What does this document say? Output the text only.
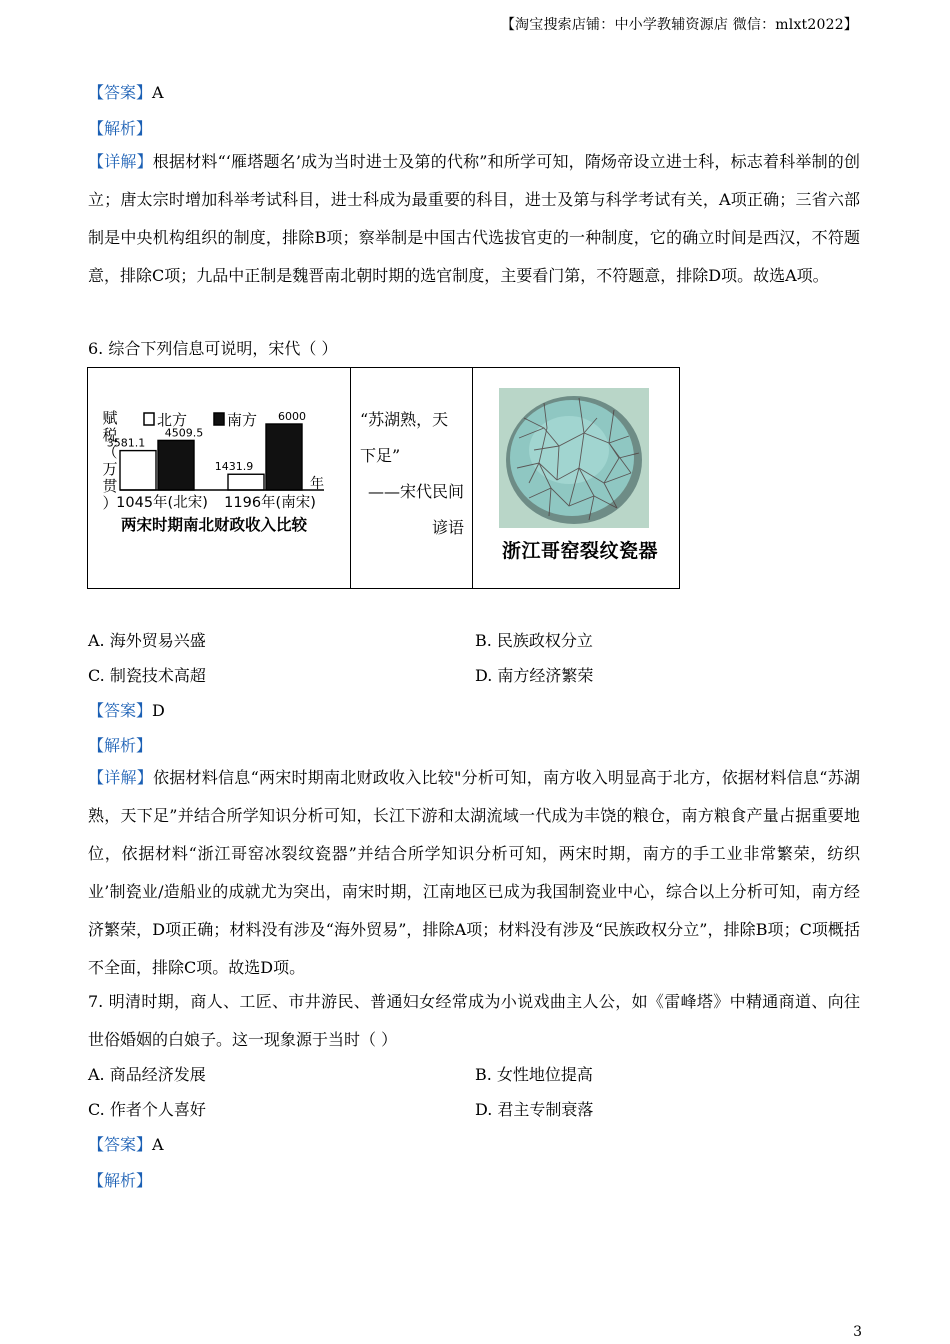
【淘宝搜索店铺：中小学教辅资源店 微信：mlxt2022】
【答案】A
【解析】
【详解】根据材料“‘雁塔题名’成为当时进士及第的代称”和所学可知，隋炀帝设立进士科，标志着科举制的创立；唐太宗时增加科举考试科目，进士科成为最重要的科目，进士及第与科学考试有关，A项正确；三省六部制是中央机构组织的制度，排除B项；察举制是中国古代选拔官吏的一种制度，它的确立时间是西汉，不符题意，排除C项；九品中正制是魏晋南北朝时期的选官制度，主要看门第，不符题意，排除D项。故选A项。
6. 综合下列信息可说明，宋代（ ）
赋
税
（
万
贯
）
北方	南方
3581.1
4509.5
1045年(北宋)
1431.9
6000
1196年(南宋)
年
两宋时期南北财政收入比较
“苏湖熟，天下足”
——宋代民间谚语
浙江哥窑裂纹瓷器
A. 海外贸易兴盛	B. 民族政权分立
C. 制瓷技术高超	D. 南方经济繁荣
【答案】D
【解析】
【详解】依据材料信息“两宋时期南北财政收入比较"分析可知，南方收入明显高于北方，依据材料信息“苏湖熟，天下足”并结合所学知识分析可知，长江下游和太湖流域一代成为丰饶的粮仓，南方粮食产量占据重要地位，依据材料“浙江哥窑冰裂纹瓷器”并结合所学知识分析可知，两宋时期，南方的手工业非常繁荣，纺织业’制瓷业/造船业的成就尤为突出，南宋时期，江南地区已成为我国制瓷业中心，综合以上分析可知，南方经济繁荣，D项正确；材料没有涉及“海外贸易”，排除A项；材料没有涉及“民族政权分立”，排除B项；C项概括不全面，排除C项。故选D项。
7. 明清时期，商人、工匠、市井游民、普通妇女经常成为小说戏曲主人公，如《雷峰塔》中精通商道、向往世俗婚姻的白娘子。这一现象源于当时（ ）
A. 商品经济发展	B. 女性地位提高
C. 作者个人喜好	D. 君主专制衰落
【答案】A
【解析】
3
